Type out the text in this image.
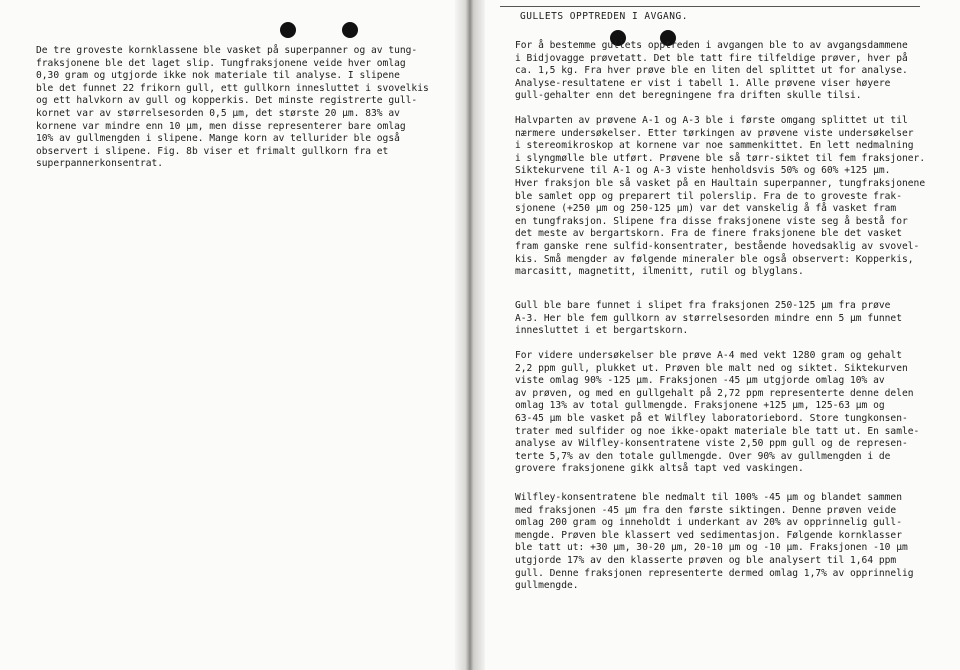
De tre groveste kornklassene ble vasket på superpanner og av tung-
fraksjonene ble det laget slip. Tungfraksjonene veide hver omlag
0,30 gram og utgjorde ikke nok materiale til analyse. I slipene
ble det funnet 22 frikorn gull, ett gullkorn innesluttet i svovelkis
og ett halvkorn av gull og kopperkis. Det minste registrerte gull-
kornet var av størrelsesorden 0,5 µm, det største 20 µm. 83% av
kornene var mindre enn 10 µm, men disse representerer bare omlag
10% av gullmengden i slipene. Mange korn av tellurider ble også
observert i slipene. Fig. 8b viser et frimalt gullkorn fra et
superpannerkonsentrat.
GULLETS OPPTREDEN I AVGANG.
For å bestemme gullets opptreden i avgangen ble to av avgangsdammene
i Bidjovagge prøvetatt. Det ble tatt fire tilfeldige prøver, hver på
ca. 1,5 kg. Fra hver prøve ble en liten del splittet ut for analyse.
Analyse-resultatene er vist i tabell 1. Alle prøvene viser høyere
gull-gehalter enn det beregningene fra driften skulle tilsi.
Halvparten av prøvene A-1 og A-3 ble i første omgang splittet ut til
nærmere undersøkelser. Etter tørkingen av prøvene viste undersøkelser
i stereomikroskop at kornene var noe sammenkittet. En lett nedmalning
i slyngmølle ble utført. Prøvene ble så tørr-siktet til fem fraksjoner.
Siktekurvene til A-1 og A-3 viste henholdsvis 50% og 60% +125 µm.
Hver fraksjon ble så vasket på en Haultain superpanner, tungfraksjonene
ble samlet opp og preparert til polerslip. Fra de to groveste frak-
sjonene (+250 µm og 250-125 µm) var det vanskelig å få vasket fram
en tungfraksjon. Slipene fra disse fraksjonene viste seg å bestå for
det meste av bergartskorn. Fra de finere fraksjonene ble det vasket
fram ganske rene sulfid-konsentrater, bestående hovedsaklig av svovel-
kis. Små mengder av følgende mineraler ble også observert: Kopperkis,
marcasitt, magnetitt, ilmenitt, rutil og blyglans.
Gull ble bare funnet i slipet fra fraksjonen 250-125 µm fra prøve
A-3. Her ble fem gullkorn av størrelsesorden mindre enn 5 µm funnet
innesluttet i et bergartskorn.
For videre undersøkelser ble prøve A-4 med vekt 1280 gram og gehalt
2,2 ppm gull, plukket ut. Prøven ble malt ned og siktet. Siktekurven
viste omlag 90% -125 µm. Fraksjonen -45 µm utgjorde omlag 10% av
av prøven, og med en gullgehalt på 2,72 ppm representerte denne delen
omlag 13% av total gullmengde. Fraksjonene +125 µm, 125-63 µm og
63-45 µm ble vasket på et Wilfley laboratoriebord. Store tungkonsen-
trater med sulfider og noe ikke-opakt materiale ble tatt ut. En samle-
analyse av Wilfley-konsentratene viste 2,50 ppm gull og de represen-
terte 5,7% av den totale gullmengde. Over 90% av gullmengden i de
grovere fraksjonene gikk altså tapt ved vaskingen.
Wilfley-konsentratene ble nedmalt til 100% -45 µm og blandet sammen
med fraksjonen -45 µm fra den første siktingen. Denne prøven veide
omlag 200 gram og inneholdt i underkant av 20% av opprinnelig gull-
mengde. Prøven ble klassert ved sedimentasjon. Følgende kornklasser
ble tatt ut: +30 µm, 30-20 µm, 20-10 µm og -10 µm. Fraksjonen -10 µm
utgjorde 17% av den klasserte prøven og ble analysert til 1,64 ppm
gull. Denne fraksjonen representerte dermed omlag 1,7% av opprinnelig
gullmengde.
